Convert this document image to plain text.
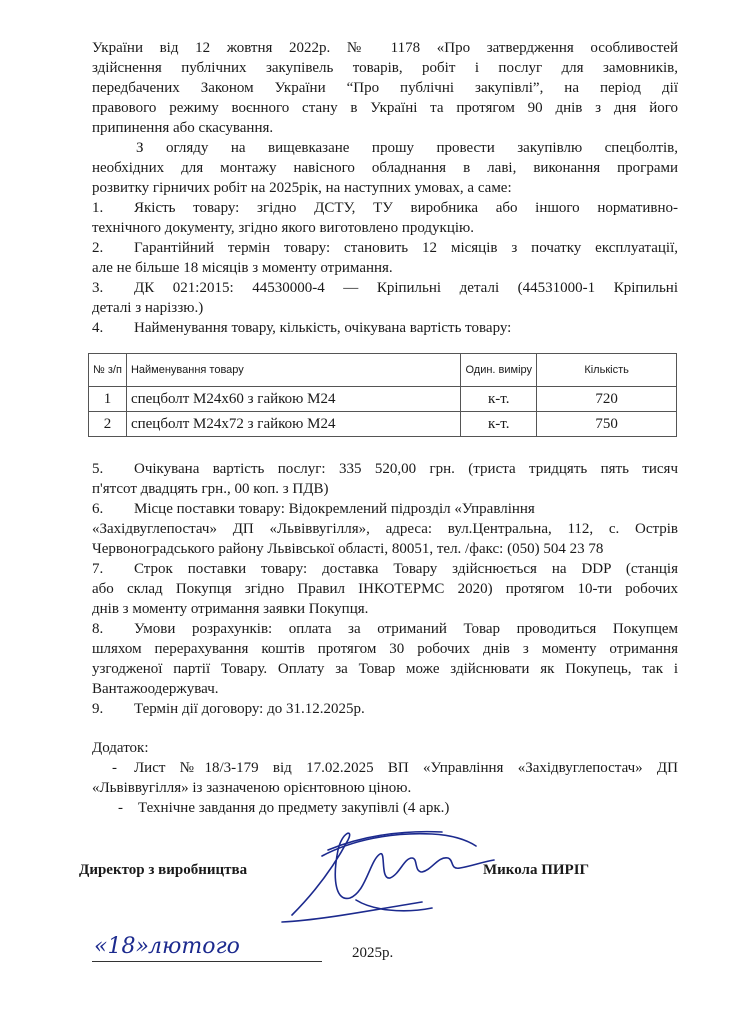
України від 12 жовтня 2022р. № 1178 «Про затвердження особливостей

здійснення публічних закупівель товарів, робіт і послуг для замовників,

передбачених Законом України “Про публічні закупівлі”, на період дії

правового режиму воєнного стану в Україні та протягом 90 днів з дня його

припинення або скасування.

З огляду на вищевказане прошу провести закупівлю спецболтів,

необхідних для монтажу навісного обладнання в лаві, виконання програми

розвитку гірничих робіт на 2025рік, на наступних умовах, а саме:

1. Якість товару: згідно ДСТУ, ТУ виробника або іншого нормативно-

технічного документу, згідно якого виготовлено продукцію.

2. Гарантійний термін товару: становить 12 місяців з початку експлуатації,

але не більше 18 місяців з моменту отримання.

3. ДК 021:2015: 44530000-4 — Кріпильні деталі (44531000-1 Кріпильні

деталі з наріззю.)

4. Найменування товару, кількість, очікувана вартість товару:
№ з/п	Найменування товару	Один. виміру	Кількість
1	спецболт М24х60 з гайкою М24	к-т.	720
2	спецболт М24х72 з гайкою М24	к-т.	750
5. Очікувана вартість послуг: 335 520,00 грн. (триста тридцять пять тисяч

п'ятсот двадцять грн., 00 коп. з ПДВ)

6. Місце поставки товару: Відокремлений підрозділ «Управління

«Західвуглепостач» ДП «Львіввугілля», адреса: вул.Центральна, 112, с. Острів

Червоноградського району Львівської області, 80051, тел. /факс: (050) 504 23 78

7. Строк поставки товару: доставка Товару здійснюється на DDP (станція

або склад Покупця згідно Правил ІНКОТЕРМС 2020) протягом 10-ти робочих

днів з моменту отримання заявки Покупця.

8. Умови розрахунків: оплата за отриманий Товар проводиться Покупцем

шляхом перерахування коштів протягом 30 робочих днів з моменту отримання

узгодженої партії Товару. Оплату за Товар може здійснювати як Покупець, так і

Вантажоодержувач.

9. Термін дії договору: до 31.12.2025р.

Додаток:

- Лист №18/3-179 від 17.02.2025 ВП «Управління «Західвуглепостач» ДП

«Львіввугілля» із зазначеною орієнтовною ціною.

- Технічне завдання до предмету закупівлі (4 арк.)
Директор з виробництва	Микола ПИРІГ
«18» лютого	2025р.
